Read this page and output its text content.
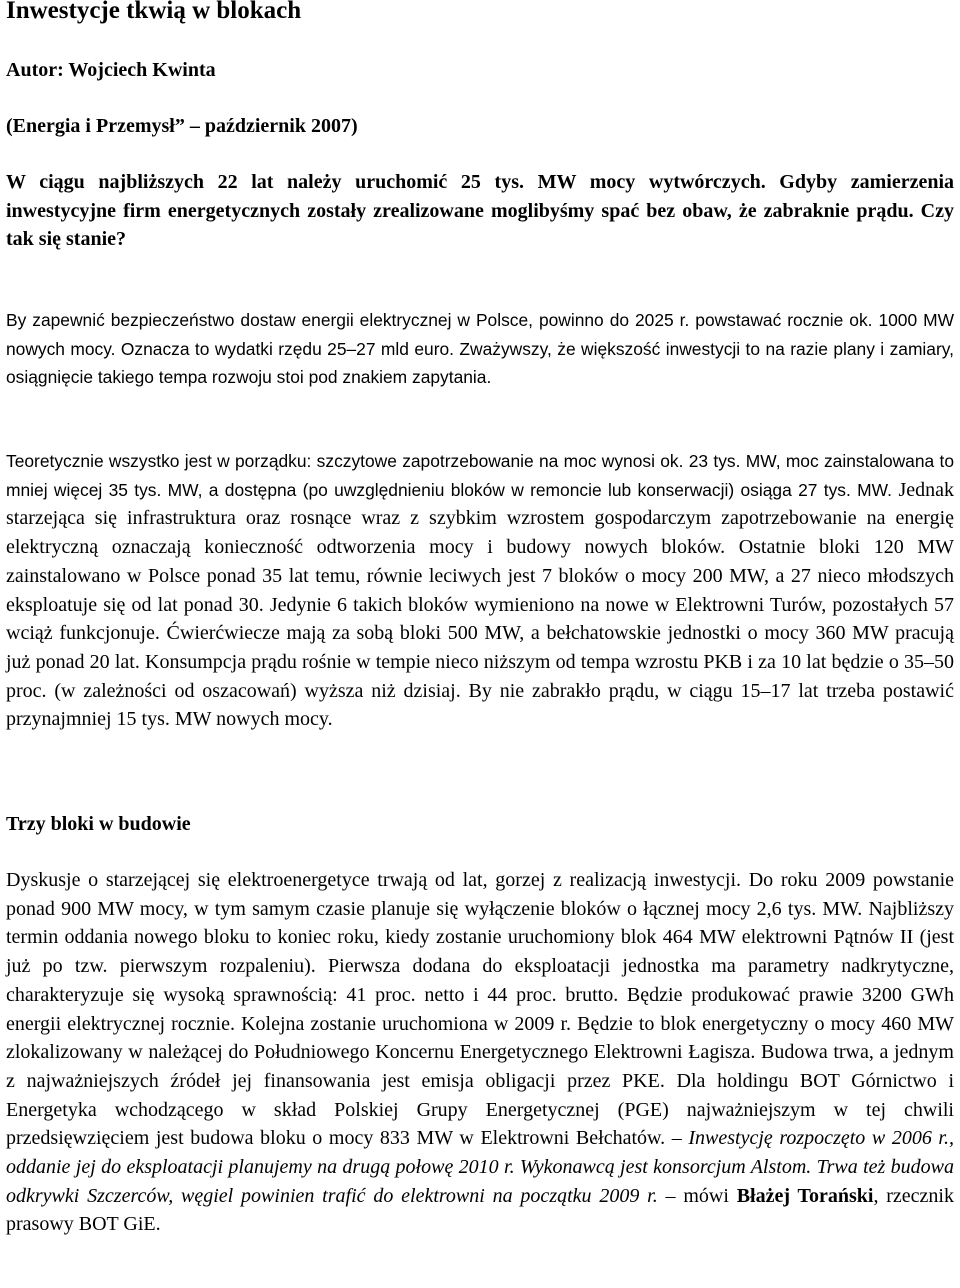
Inwestycje tkwią w blokach

Autor: Wojciech Kwinta

(Energia i Przemysł” – październik 2007)

W ciągu najbliższych 22 lat należy uruchomić 25 tys. MW mocy wytwórczych. Gdyby zamierzenia inwestycyjne firm energetycznych zostały zrealizowane moglibyśmy spać bez obaw, że zabraknie prądu. Czy tak się stanie?

By zapewnić bezpieczeństwo dostaw energii elektrycznej w Polsce, powinno do 2025 r. powstawać rocznie ok. 1000 MW nowych mocy. Oznacza to wydatki rzędu 25–27 mld euro. Zważywszy, że większość inwestycji to na razie plany i zamiary, osiągnięcie takiego tempa rozwoju stoi pod znakiem zapytania.

Teoretycznie wszystko jest w porządku: szczytowe zapotrzebowanie na moc wynosi ok. 23 tys. MW, moc zainstalowana to mniej więcej 35 tys. MW, a dostępna (po uwzględnieniu bloków w remoncie lub konserwacji) osiąga 27 tys. MW. Jednak starzejąca się infrastruktura oraz rosnące wraz z szybkim wzrostem gospodarczym zapotrzebowanie na energię elektryczną oznaczają konieczność odtworzenia mocy i budowy nowych bloków. Ostatnie bloki 120 MW zainstalowano w Polsce ponad 35 lat temu, równie leciwych jest 7 bloków o mocy 200 MW, a 27 nieco młodszych eksploatuje się od lat ponad 30. Jedynie 6 takich bloków wymieniono na nowe w Elektrowni Turów, pozostałych 57 wciąż funkcjonuje. Ćwierćwiecze mają za sobą bloki 500 MW, a bełchatowskie jednostki o mocy 360 MW pracują już ponad 20 lat. Konsumpcja prądu rośnie w tempie nieco niższym od tempa wzrostu PKB i za 10 lat będzie o 35–50 proc. (w zależności od oszacowań) wyższa niż dzisiaj. By nie zabrakło prądu, w ciągu 15–17 lat trzeba postawić przynajmniej 15 tys. MW nowych mocy.

Trzy bloki w budowie

Dyskusje o starzejącej się elektroenergetyce trwają od lat, gorzej z realizacją inwestycji. Do roku 2009 powstanie ponad 900 MW mocy, w tym samym czasie planuje się wyłączenie bloków o łącznej mocy 2,6 tys. MW. Najbliższy termin oddania nowego bloku to koniec roku, kiedy zostanie uruchomiony blok 464 MW elektrowni Pątnów II (jest już po tzw. pierwszym rozpaleniu). Pierwsza dodana do eksploatacji jednostka ma parametry nadkrytyczne, charakteryzuje się wysoką sprawnością: 41 proc. netto i 44 proc. brutto. Będzie produkować prawie 3200 GWh energii elektrycznej rocznie. Kolejna zostanie uruchomiona w 2009 r. Będzie to blok energetyczny o mocy 460 MW zlokalizowany w należącej do Południowego Koncernu Energetycznego Elektrowni Łagisza. Budowa trwa, a jednym z najważniejszych źródeł jej finansowania jest emisja obligacji przez PKE. Dla holdingu BOT Górnictwo i Energetyka wchodzącego w skład Polskiej Grupy Energetycznej (PGE) najważniejszym w tej chwili przedsięwzięciem jest budowa bloku o mocy 833 MW w Elektrowni Bełchatów. – Inwestycję rozpoczęto w 2006 r., oddanie jej do eksploatacji planujemy na drugą połowę 2010 r. Wykonawcą jest konsorcjum Alstom. Trwa też budowa odkrywki Szczerców, węgiel powinien trafić do elektrowni na początku 2009 r. – mówi Błażej Torański, rzecznik prasowy BOT GiE.
